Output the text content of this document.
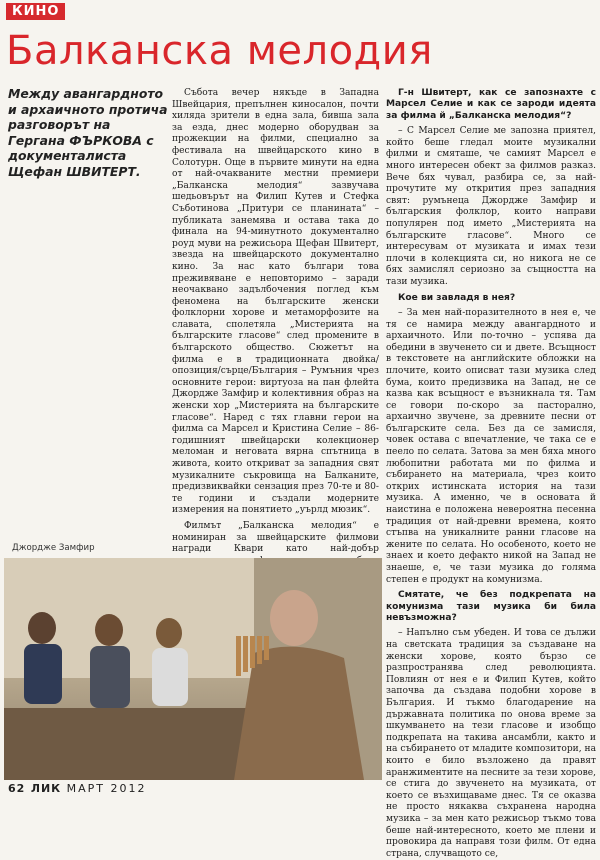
КИНО
Балканска мелодия
Между авангардното и архаичното протича разговорът на Гергана ФЪРКОВА с документалиста Щефан ШВИТЕРТ.

Събота вечер някъде в Западна Швейцария, препълнен киносалон, почти хиляда зрители в една зала, бивша зала за езда, днес модерно оборудван за прожекции на филми, специално за фестивала на швейцарското кино в Солотурн. Още в първите минути на една от най-очакваните местни премиери „Балканска мелодия“ зазвучава шедьовърът на Филип Кутев и Стефка Съботинова „Притури се планината“ – публиката занемява и остава така до финала на 94-минутното документално роуд муви на режисьора Щефан Швитерт, звезда на швейцарското документално кино. За нас като българи това преживяване е неповторимо – заради неочаквано задълбочения поглед към феномена на българските женски фолклорни хорове и метаморфозите на славата, сполетяла „Мистерията на българските гласове“ след промените в българското общество. Сюжетът на филма е в традиционната двойка/опозиция/сърце/България – Румъния чрез основните герои: виртуоза на пан флейта Джордже Замфир и колективния образ на женски хор „Мистерията на българските гласове“. Наред с тях главни герои на филма са Марсел и Кристина Селие – 86-годишният швейцарски колекционер меломан и неговата вярна спътница в живота, които откриват за западния свят музикалните съкровища на Балканите, предизвиквайки сензация през 70-те и 80-те години и създали модерните измерения на понятието „уърлд мюзик“.

Филмът „Балканска мелодия“ е номиниран за швейцарските филмови награди Квари като най-добър

Джордже Замфир

Г-н Швитерт, как се запознахте с Марсел Селие и как се зароди идеята за филма й „Балканска мелодия“?

– С Марсел Селие ме запозна приятел, който беше гледал моите музикални филми и смяташе, че самият Марсел е много интересен обект за филмов разказ. Вече бях чувал, разбира се, за най-прочутите му открития през западния свят: румънеца Джордже Замфир и българския фолклор, които направи популярен под името „Мистерията на българските гласове“. Много се интересувам от музиката и имах тези плочи в колекцията си, но никога не се бях замислял сериозно за същността на тази музика.

Кое ви завладя в нея?

– За мен най-поразителното в нея е, че тя се намира между авангардното и архаичното. Или по-точно – успява да обедини в звученето си и двете. Всъщност в текстовете на английските обложки на плочите, които описват тази музика след бума, които предизвика на Запад, не се казва как всъщност е възникнала тя. Там се говори по-скоро за пасторално, архаично звучене, за древните песни от българските села. Без да се замисля, човек остава с впечатление, че така се е пеело по селата. Затова за мен бяха много любопитни работата ми по филма и събирането на материала, чрез които открих истинската история на тази музика. А именно, че в основата й наистина е положена невероятна песенна традиция от най-древни времена, която стъпва на уникалните ранни гласове на жените по селата. Но особеното, което не знаех и което дефакто никой на Запад не знаеше, е, че тази музика до голяма степен е продукт на комунизма.

Смятате, че без подкрепата на комунизма тази музика би била невъзможна?

– Напълно съм убеден. И това се дължи на светската традиция за създаване на женски хорове, която бързо се разпространява след революцията. Повлиян от нея е и Филип Кутев, който започва да създава подобни хорове в България. И тъкмо благодарение на държавната политика по онова време за шкумването на тези гласове и изобщо подкрепата на такива ансамбли, както и на събирането от младите композитори, на които е било възложено да правят аранжиментите на песните за тези хорове, се стига до звученето на музиката, от което се възхищаваме днес. Тя се оказва не просто някаква съхранена народна музика – за мен като режисьор тъкмо това беше най-интересното, което ме плени и провокира да направя този филм. От една страна, случващото се,

62 ЛИК МАРТ 2012
